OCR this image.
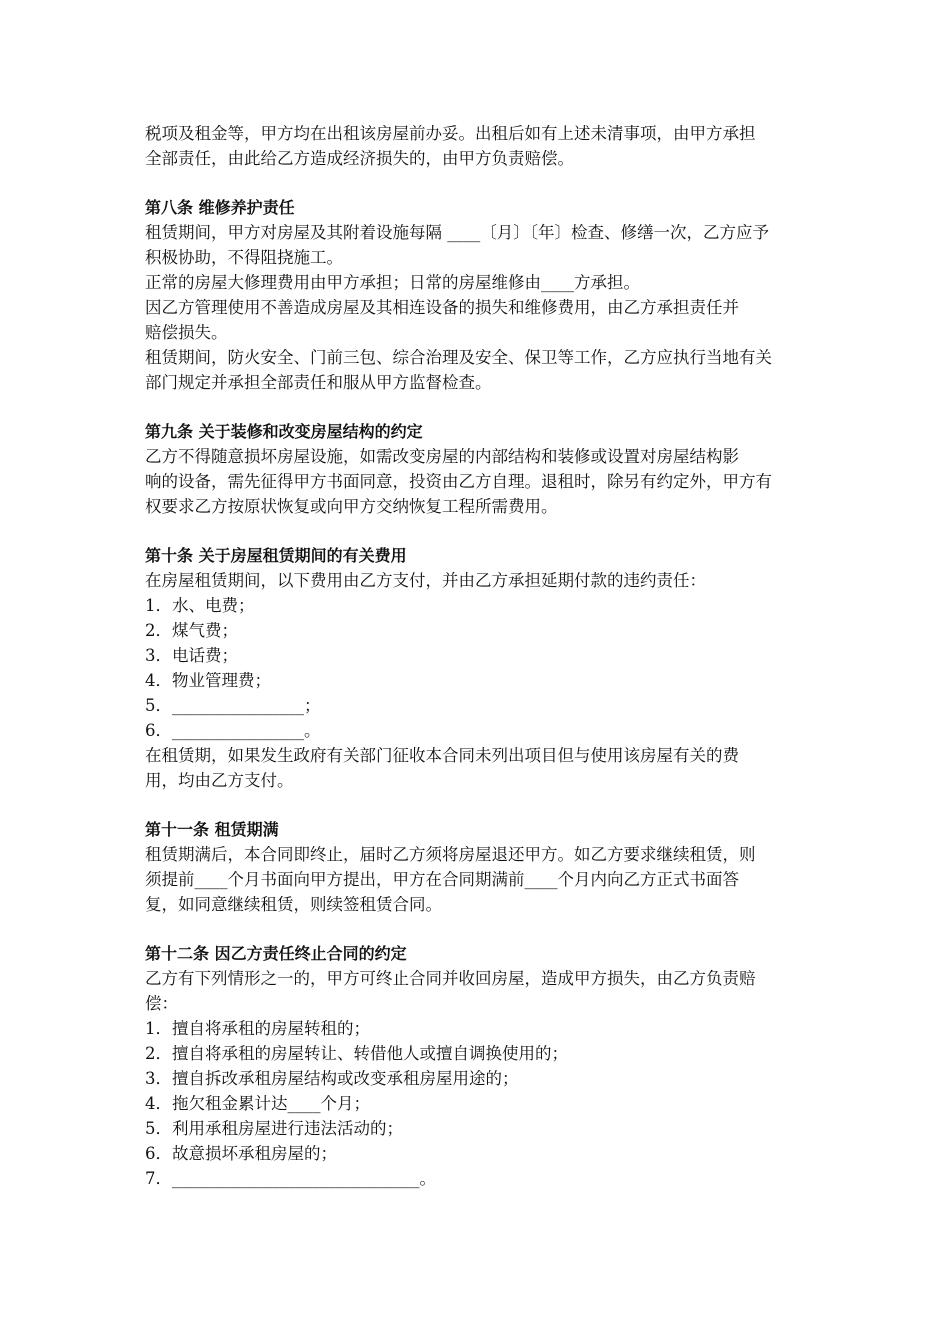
税项及租金等，甲方均在出租该房屋前办妥。出租后如有上述未清事项，由甲方承担

全部责任，由此给乙方造成经济损失的，由甲方负责赔偿。

第八条 维修养护责任

租赁期间，甲方对房屋及其附着设施每隔 ____〔月〕〔年〕检查、修缮一次，乙方应予

积极协助，不得阻挠施工。

正常的房屋大修理费用由甲方承担；日常的房屋维修由____方承担。

因乙方管理使用不善造成房屋及其相连设备的损失和维修费用，由乙方承担责任并

赔偿损失。

租赁期间，防火安全、门前三包、综合治理及安全、保卫等工作，乙方应执行当地有关

部门规定并承担全部责任和服从甲方监督检查。

第九条 关于装修和改变房屋结构的约定

乙方不得随意损坏房屋设施，如需改变房屋的内部结构和装修或设置对房屋结构影

响的设备，需先征得甲方书面同意，投资由乙方自理。退租时，除另有约定外，甲方有

权要求乙方按原状恢复或向甲方交纳恢复工程所需费用。

第十条 关于房屋租赁期间的有关费用

在房屋租赁期间，以下费用由乙方支付，并由乙方承担延期付款的违约责任：

1．水、电费；

2．煤气费；

3．电话费；

4．物业管理费；

5．________________；

6．________________。

在租赁期，如果发生政府有关部门征收本合同未列出项目但与使用该房屋有关的费

用，均由乙方支付。

第十一条 租赁期满

租赁期满后，本合同即终止，届时乙方须将房屋退还甲方。如乙方要求继续租赁，则

须提前____个月书面向甲方提出，甲方在合同期满前____个月内向乙方正式书面答

复，如同意继续租赁，则续签租赁合同。

第十二条 因乙方责任终止合同的约定

乙方有下列情形之一的，甲方可终止合同并收回房屋，造成甲方损失，由乙方负责赔

偿：

1．擅自将承租的房屋转租的；

2．擅自将承租的房屋转让、转借他人或擅自调换使用的；

3．擅自拆改承租房屋结构或改变承租房屋用途的；

4．拖欠租金累计达____个月；

5．利用承租房屋进行违法活动的；

6．故意损坏承租房屋的；

7．______________________________。
